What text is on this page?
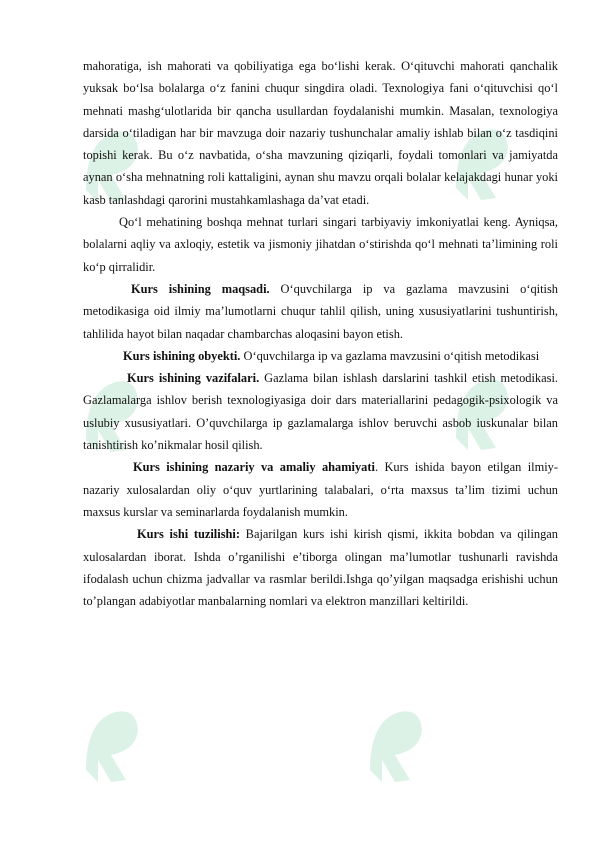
mahoratiga, ish mahorati va qobiliyatiga ega bo‘lishi kerak. O‘qituvchi mahorati qanchalik yuksak bo‘lsa bolalarga o‘z fanini chuqur singdira oladi. Texnologiya fani o‘qituvchisi qo‘l mehnati mashg‘ulotlarida bir qancha usullardan foydalanishi mumkin. Masalan, texnologiya darsida o‘tiladigan har bir mavzuga doir nazariy tushunchalar amaliy ishlab bilan o‘z tasdiqini topishi kerak. Bu o‘z navbatida, o‘sha mavzuning qiziqarli, foydali tomonlari va jamiyatda aynan o‘sha mehnatning roli kattaligini, aynan shu mavzu orqali bolalar kelajakdagi hunar yoki kasb tanlashdagi qarorini mustahkamlashaga da’vat etadi.

Qo‘l mehatining boshqa mehnat turlari singari tarbiyaviy imkoniyatlai keng. Ayniqsa, bolalarni aqliy va axloqiy, estetik va jismoniy jihatdan o‘stirishda qo‘l mehnati ta’limining roli ko‘p qirralidir.

Kurs ishining maqsadi. O‘quvchilarga ip va gazlama mavzusini o‘qitish metodikasiga oid ilmiy ma’lumotlarni chuqur tahlil qilish, uning xususiyatlarini tushuntirish, tahlilida hayot bilan naqadar chambarchas aloqasini bayon etish.

Kurs ishining obyekti. O‘quvchilarga ip va gazlama mavzusini o‘qitish metodikasi

Kurs ishining vazifalari. Gazlama bilan ishlash darslarini tashkil etish metodikasi. Gazlamalarga ishlov berish texnologiyasiga doir dars materiallarini pedagogik-psixologik va uslubiy xususiyatlari. O’quvchilarga ip gazlamalarga ishlov beruvchi asbob iuskunalar bilan tanishtirish ko’nikmalar hosil qilish.

Kurs ishining nazariy va amaliy ahamiyati. Kurs ishida bayon etilgan ilmiy-nazariy xulosalardan oliy o‘quv yurtlarining talabalari, o‘rta maxsus ta’lim tizimi uchun maxsus kurslar va seminarlarda foydalanish mumkin.

Kurs ishi tuzilishi: Bajarilgan kurs ishi kirish qismi, ikkita bobdan va qilingan xulosalardan iborat. Ishda o’rganilishi e’tiborga olingan ma’lumotlar tushunarli ravishda ifodalash uchun chizma jadvallar va rasmlar berildi.Ishga qo’yilgan maqsadga erishishi uchun to’plangan adabiyotlar manbalarning nomlari va elektron manzillari keltirildi.
